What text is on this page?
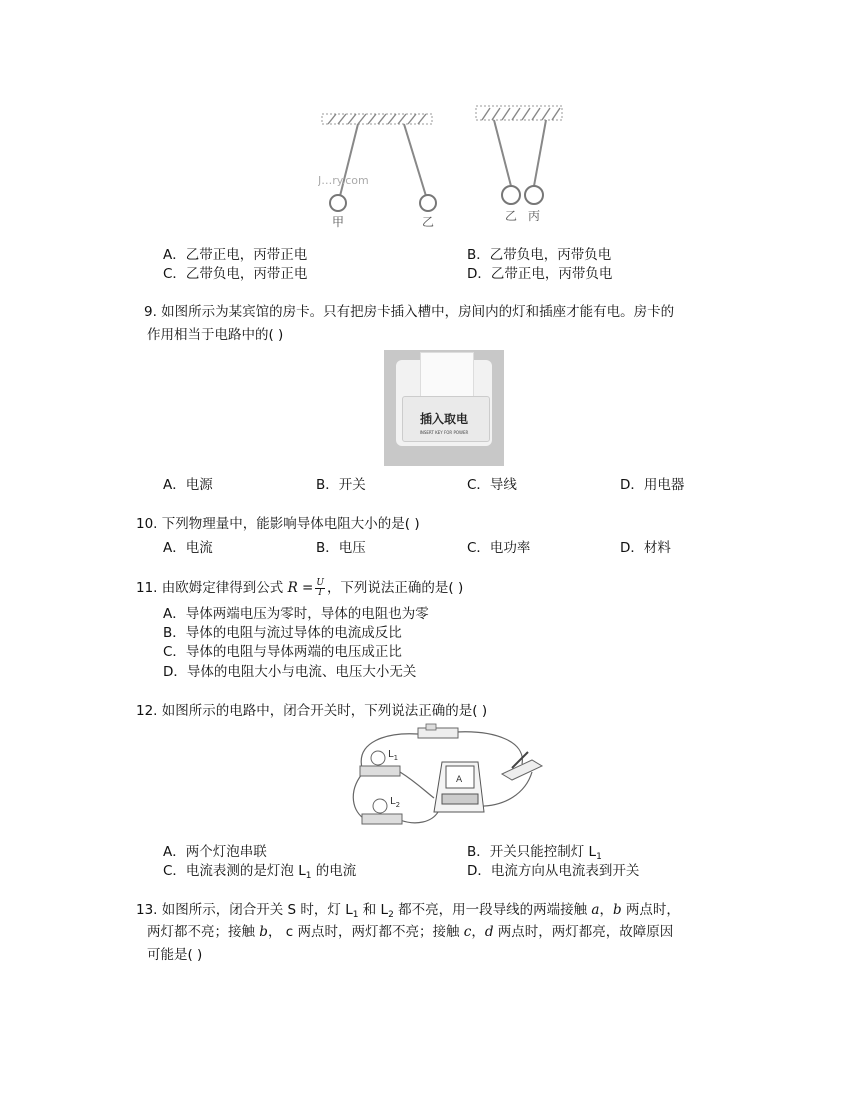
J…ry.com
甲	乙	乙 丙
A．乙带正电，丙带正电	B．乙带负电，丙带负电
C．乙带负电，丙带正电	D．乙带正电，丙带负电
9. 如图所示为某宾馆的房卡。只有把房卡插入槽中，房间内的灯和插座才能有电。房卡的
作用相当于电路中的( )
插入取电
INSERT KEY FOR POWER
A．电源	B．开关	C．导线	D．用电器
10. 下列物理量中，能影响导体电阻大小的是( )
A．电流	B．电压	C．电功率	D．材料
11. 由欧姆定律得到公式 $R = \frac{U}{I}$ ，下列说法正确的是( )
A．导体两端电压为零时，导体的电阻也为零
B．导体的电阻与流过导体的电流成反比
C．导体的电阻与导体两端的电压成正比
D．导体的电阻大小与电流、电压大小无关
12. 如图所示的电路中，闭合开关时，下列说法正确的是( )
$L_1$
$L_2$
A
A．两个灯泡串联	B．开关只能控制灯 $L_1$
C．电流表测的是灯泡 $L_1$ 的电流	D．电流方向从电流表到开关
13. 如图所示，闭合开关 S 时，灯 $L_1$ 和 $L_2$ 都不亮，用一段导线的两端接触 a，b 两点时，
两灯都不亮；接触 b， c 两点时，两灯都不亮；接触 c，d 两点时，两灯都亮，故障原因
可能是( )
